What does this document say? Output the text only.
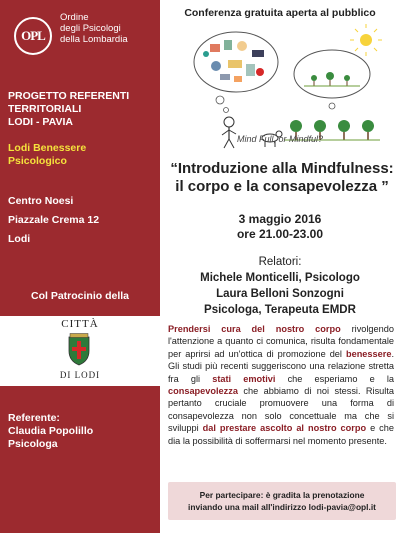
OPL
Ordine
degli Psicologi
della Lombardia
PROGETTO REFERENTI
TERRITORIALI
LODI - PAVIA
Lodi Benessere
Psicologico
Centro Noesi
Piazzale Crema 12
Lodi
Col Patrocinio della
CITTÀ
DI LODI
Referente:
Claudia Popolillo
Psicologa
Conferenza gratuita aperta al pubblico
Mind Full, or Mindful?
“Introduzione alla Mindfulness:
il corpo e la consapevolezza ”
3 maggio 2016
ore 21.00-23.00
Relatori:
Michele Monticelli, Psicologo
Laura Belloni Sonzogni
Psicologa, Terapeuta EMDR
Prendersi cura del nostro corpo rivolgendo l'attenzione a quanto ci comunica, risulta fondamentale per aprirsi ad un'ottica di promozione del benessere. Gli studi più recenti suggeriscono una relazione stretta fra gli stati emotivi che esperiamo e la consapevolezza che abbiamo di noi stessi. Risulta pertanto cruciale promuovere una forma di consapevolezza non solo concettuale ma che si sviluppi dal prestare ascolto al nostro corpo e che dia la possibilità di soffermarsi nel momento presente.
Per partecipare: è gradita la prenotazione
inviando una mail all'indirizzo lodi-pavia@opl.it
